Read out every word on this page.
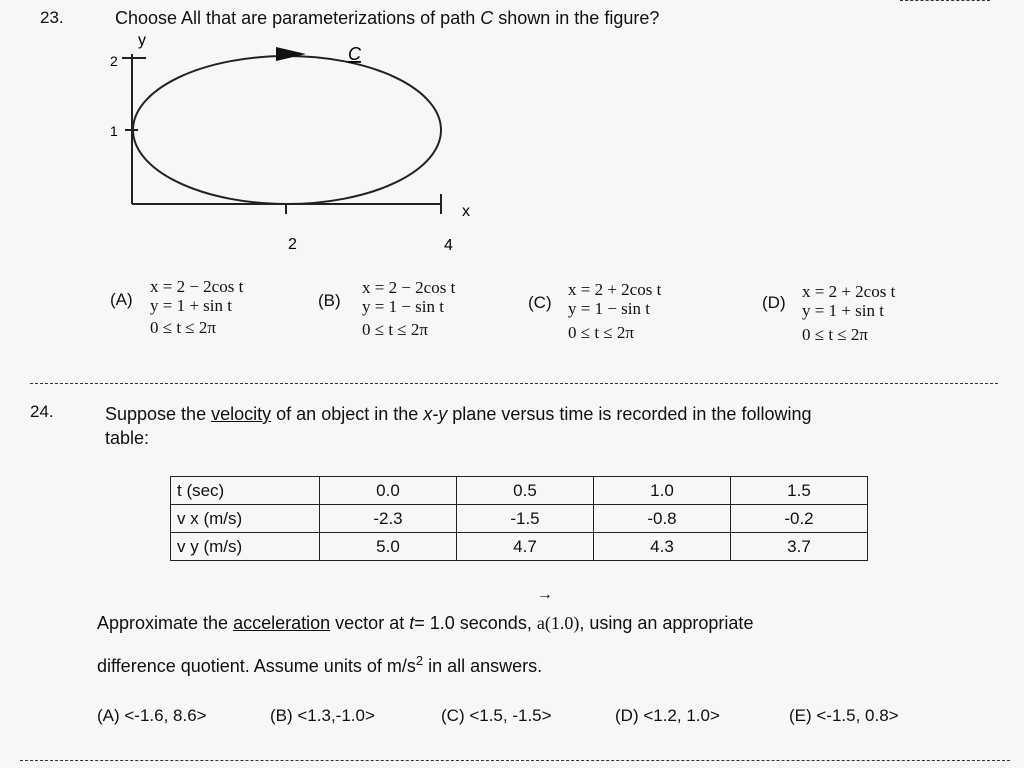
23.	Choose All that are parameterizations of path C shown in the figure?
y
x
C
2
1
2	4
(A)
x = 2 − 2cos t
y = 1 + sin t
0 ≤ t ≤ 2π
(B)
x = 2 − 2cos t
y = 1 − sin t
0 ≤ t ≤ 2π
(C)
x = 2 + 2cos t
y = 1 − sin t
0 ≤ t ≤ 2π
(D)
x = 2 + 2cos t
y = 1 + sin t
0 ≤ t ≤ 2π
24.	Suppose the velocity of an object in the x-y plane versus time is recorded in the following
table:
t (sec)	0.0	0.5	1.0	1.5
v x (m/s)	-2.3	-1.5	-0.8	-0.2
v y (m/s)	5.0	4.7	4.3	3.7
Approximate the acceleration vector at t= 1.0 seconds,
→
a(1.0), using an appropriate
difference quotient. Assume units of $m/s^2$ in all answers.
(A) <-1.6, 8.6>	(B) <1.3,-1.0>	(C) <1.5, -1.5>	(D) <1.2, 1.0>	(E) <-1.5, 0.8>
